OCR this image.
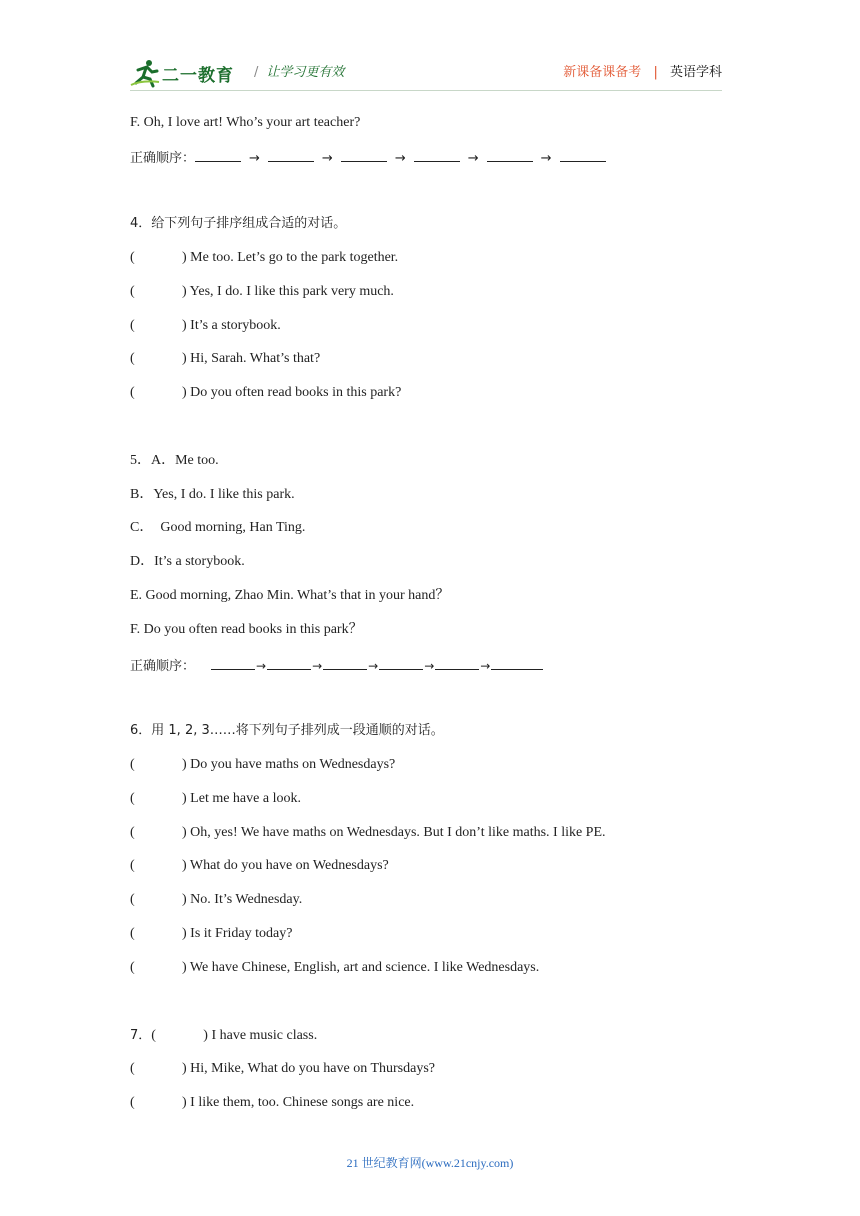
二一教育 / 让学习更有效	新课备课备考 | 英语学科
F. Oh, I love art! Who’s your art teacher?
正确顺序：	→	→	→	→	→
4．给下列句子排序组成合适的对话。
(	) Me too. Let’s go to the park together.
(	) Yes, I do. I like this park very much.
(	) It’s a storybook.
(	) Hi, Sarah. What’s that?
(	) Do you often read books in this park?
5．A．Me too.
B．Yes, I do. I like this park.
C．  Good morning, Han Ting.
D．It’s a storybook.
E. Good morning, Zhao Min. What’s that in your hand？
F. Do you often read books in this park？
正确顺序：	→	→	→	→	→
6．用 1, 2, 3……将下列句子排列成一段通顺的对话。
(	) Do you have maths on Wednesdays?
(	) Let me have a look.
(	) Oh, yes! We have maths on Wednesdays. But I don’t like maths. I like PE.
(	) What do you have on Wednesdays?
(	) No. It’s Wednesday.
(	) Is it Friday today?
(	) We have Chinese, English, art and science. I like Wednesdays.
7．(	) I have music class.
(	) Hi, Mike, What do you have on Thursdays?
(	) I like them, too. Chinese songs are nice.
21 世纪教育网(www.21cnjy.com)
